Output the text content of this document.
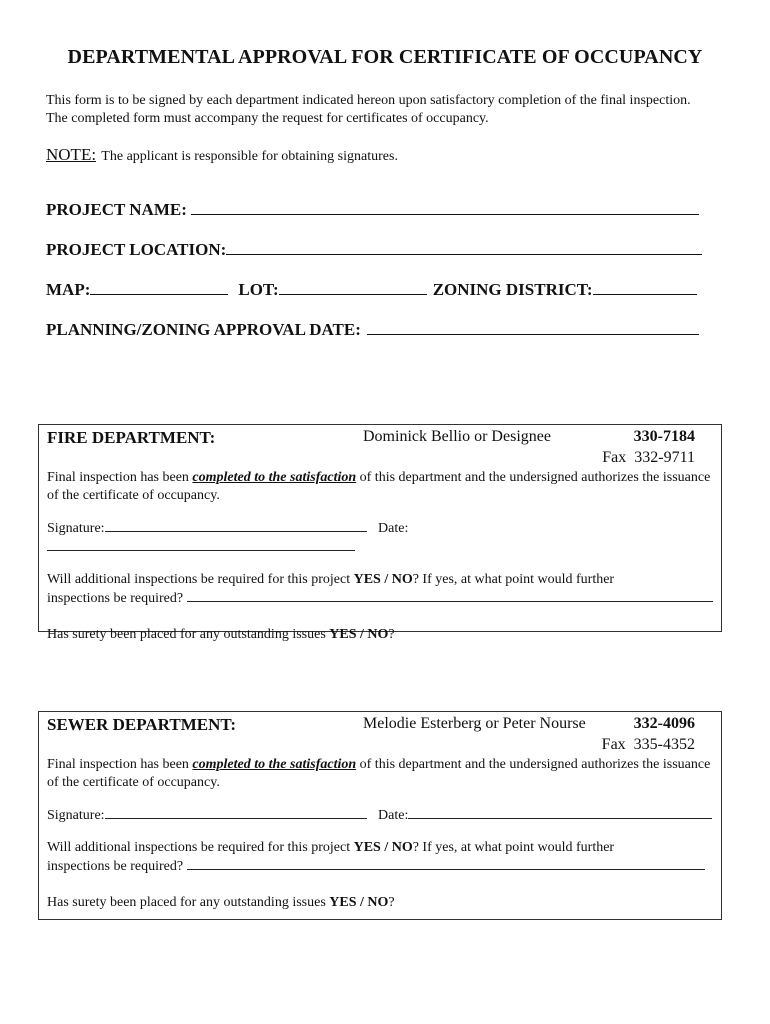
DEPARTMENTAL APPROVAL FOR CERTIFICATE OF OCCUPANCY
This form is to be signed by each department indicated hereon upon satisfactory completion of the final inspection. The completed form must accompany the request for certificates of occupancy.
NOTE: The applicant is responsible for obtaining signatures.
PROJECT NAME:
PROJECT LOCATION:
MAP:	LOT:	ZONING DISTRICT:
PLANNING/ZONING APPROVAL DATE:
FIRE DEPARTMENT:	Dominick Bellio or Designee	330-7184
Fax 332-9711
Final inspection has been completed to the satisfaction of this department and the undersigned authorizes the issuance of the certificate of occupancy.
Signature:	Date:
Will additional inspections be required for this project YES / NO? If yes, at what point would further
inspections be required?
Has surety been placed for any outstanding issues YES / NO?
SEWER DEPARTMENT:	Melodie Esterberg or Peter Nourse	332-4096
Fax 335-4352
Final inspection has been completed to the satisfaction of this department and the undersigned authorizes the issuance of the certificate of occupancy.
Signature:	Date:
Will additional inspections be required for this project YES / NO? If yes, at what point would further
inspections be required?
Has surety been placed for any outstanding issues YES / NO?
